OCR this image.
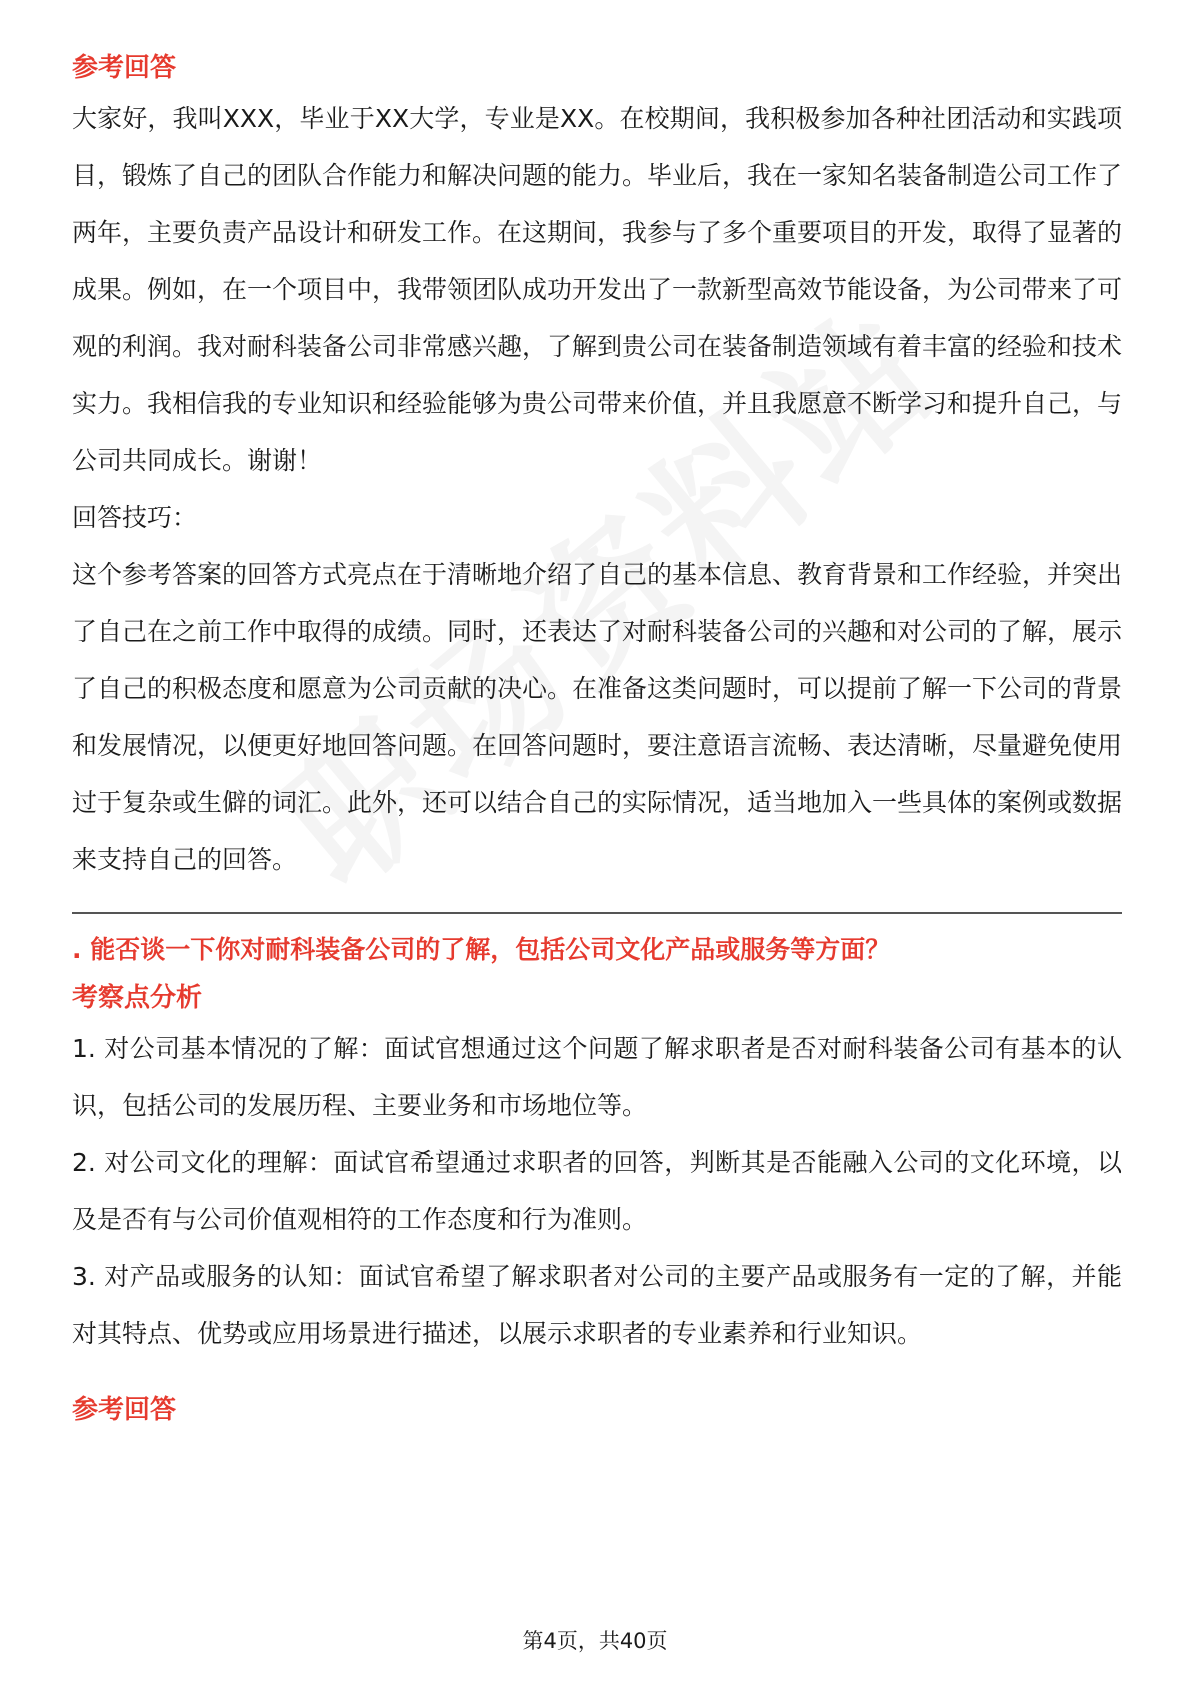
参考回答

大家好，我叫XXX，毕业于XX大学，专业是XX。在校期间，我积极参加各种社团活动和实践项目，锻炼了自己的团队合作能力和解决问题的能力。毕业后，我在一家知名装备制造公司工作了两年，主要负责产品设计和研发工作。在这期间，我参与了多个重要项目的开发，取得了显著的成果。例如，在一个项目中，我带领团队成功开发出了一款新型高效节能设备，为公司带来了可观的利润。我对耐科装备公司非常感兴趣，了解到贵公司在装备制造领域有着丰富的经验和技术实力。我相信我的专业知识和经验能够为贵公司带来价值，并且我愿意不断学习和提升自己，与公司共同成长。谢谢！

回答技巧：

这个参考答案的回答方式亮点在于清晰地介绍了自己的基本信息、教育背景和工作经验，并突出了自己在之前工作中取得的成绩。同时，还表达了对耐科装备公司的兴趣和对公司的了解，展示了自己的积极态度和愿意为公司贡献的决心。在准备这类问题时，可以提前了解一下公司的背景和发展情况，以便更好地回答问题。在回答问题时，要注意语言流畅、表达清晰，尽量避免使用过于复杂或生僻的词汇。此外，还可以结合自己的实际情况，适当地加入一些具体的案例或数据来支持自己的回答。

. 能否谈一下你对耐科装备公司的了解，包括公司文化产品或服务等方面？
考察点分析

1. 对公司基本情况的了解：面试官想通过这个问题了解求职者是否对耐科装备公司有基本的认识，包括公司的发展历程、主要业务和市场地位等。

2. 对公司文化的理解：面试官希望通过求职者的回答，判断其是否能融入公司的文化环境，以及是否有与公司价值观相符的工作态度和行为准则。

3. 对产品或服务的认知：面试官希望了解求职者对公司的主要产品或服务有一定的了解，并能对其特点、优势或应用场景进行描述，以展示求职者的专业素养和行业知识。

参考回答
第4页，共40页
